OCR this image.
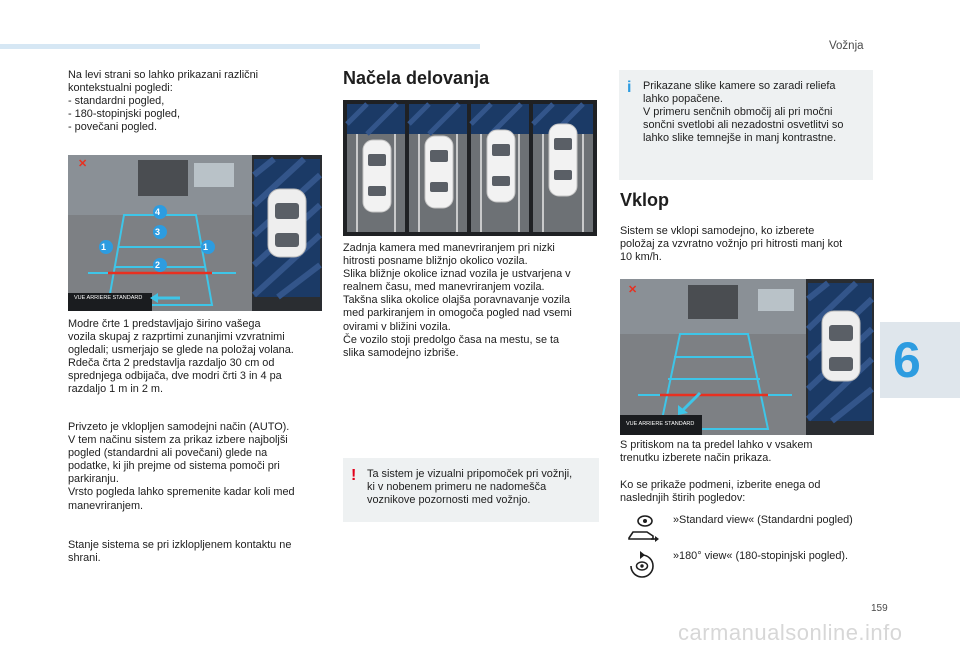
Vožnja
6
159
Na levi strani so lahko prikazani različni
kontekstualni pogledi:
- standardni pogled,
- 180-stopinjski pogled,
- povečani pogled.
✕
VUE ARRIERE STANDARD
1
2
3
4
1
Modre črte 1 predstavljajo širino vašega
vozila skupaj z razprtimi zunanjimi vzvratnimi
ogledali; usmerjajo se glede na položaj volana.
Rdeča črta 2 predstavlja razdaljo 30 cm od
sprednjega odbijača, dve modri črti 3 in 4 pa
razdaljo 1 m in 2 m.
Privzeto je vklopljen samodejni način (AUTO).
V tem načinu sistem za prikaz izbere najboljši
pogled (standardni ali povečani) glede na
podatke, ki jih prejme od sistema pomoči pri
parkiranju.
Vrsto pogleda lahko spremenite kadar koli med
manevriranjem.
Stanje sistema se pri izklopljenem kontaktu ne
shrani.
Načela delovanja
Zadnja kamera med manevriranjem pri nizki
hitrosti posname bližnjo okolico vozila.
Slika bližnje okolice iznad vozila je ustvarjena v
realnem času, med manevriranjem vozila.
Takšna slika okolice olajša poravnavanje vozila
med parkiranjem in omogoča pogled nad vsemi
ovirami v bližini vozila.
Če vozilo stoji predolgo časa na mestu, se ta
slika samodejno izbriše.
! Ta sistem je vizualni pripomoček pri vožnji,
ki v nobenem primeru ne nadomešča
voznikove pozornosti med vožnjo.
i Prikazane slike kamere so zaradi reliefa
lahko popačene.
V primeru senčnih območij ali pri močni
sončni svetlobi ali nezadostni osvetlitvi so
lahko slike temnejše in manj kontrastne.
Vklop
Sistem se vklopi samodejno, ko izberete
položaj za vzvratno vožnjo pri hitrosti manj kot
10 km/h.
✕
VUE ARRIERE STANDARD
S pritiskom na ta predel lahko v vsakem
trenutku izberete način prikaza.
Ko se prikaže podmeni, izberite enega od
naslednjih štirih pogledov:
»Standard view« (Standardni pogled)
»180° view« (180-stopinjski pogled).
carmanualsonline.info
